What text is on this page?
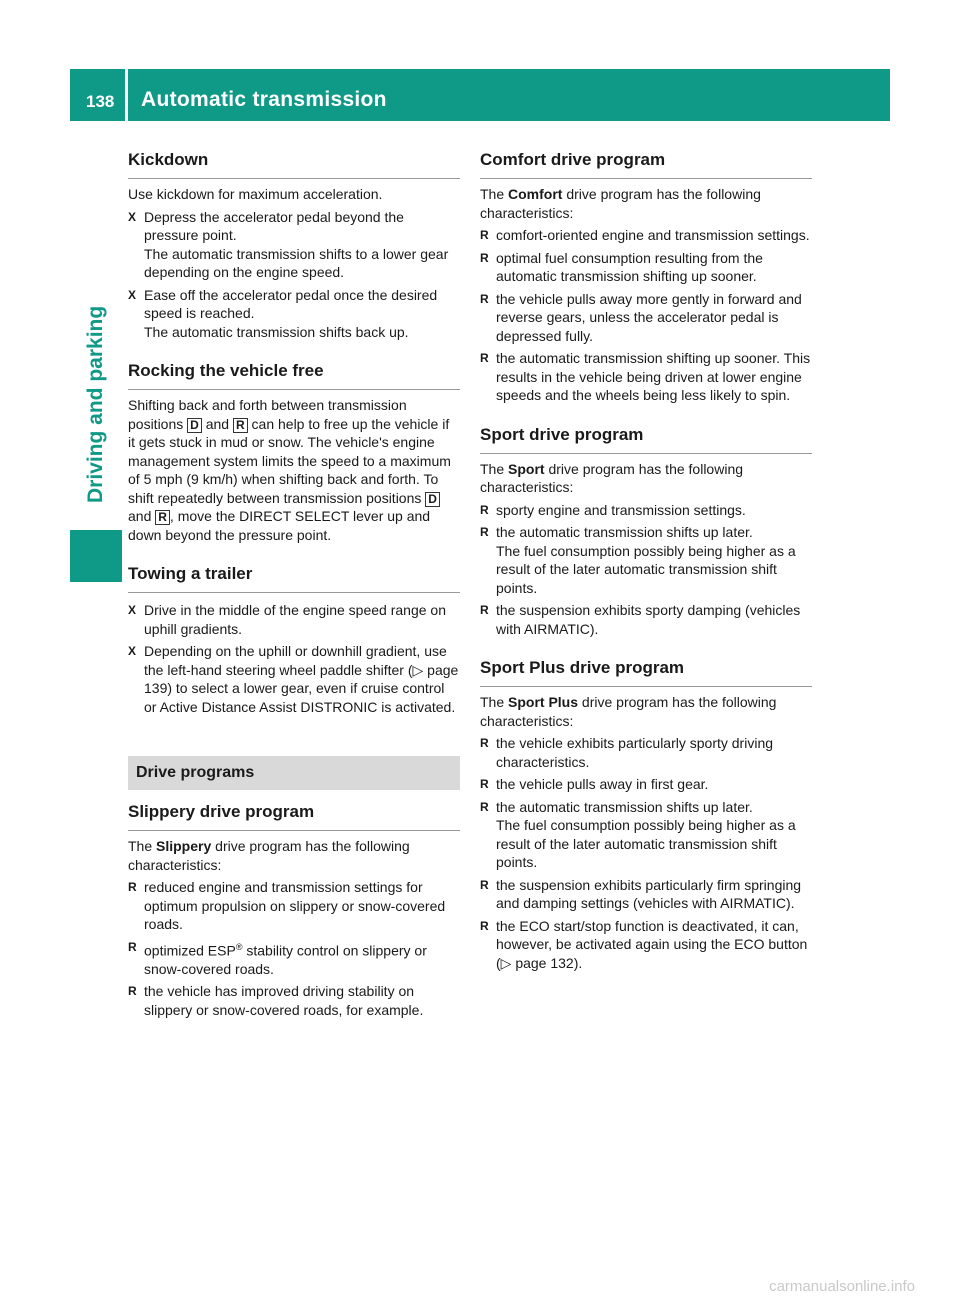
138 Automatic transmission
Driving and parking
Kickdown

Use kickdown for maximum acceleration.

X Depress the accelerator pedal beyond the pressure point.
The automatic transmission shifts to a lower gear depending on the engine speed.
X Ease off the accelerator pedal once the desired speed is reached.
The automatic transmission shifts back up.
Rocking the vehicle free

Shifting back and forth between transmission positions D and R can help to free up the vehicle if it gets stuck in mud or snow. The vehicle's engine management system limits the speed to a maximum of 5 mph (9 km/h) when shifting back and forth. To shift repeatedly between transmission positions D and R , move the DIRECT SELECT lever up and down beyond the pressure point.

Towing a trailer
X Drive in the middle of the engine speed range on uphill gradients.
X Depending on the uphill or downhill gradient, use the left-hand steering wheel paddle shifter (▷ page 139) to select a lower gear, even if cruise control or Active Distance Assist DISTRONIC is activated.
Drive programs
Slippery drive program

The Slippery drive program has the following characteristics:

R reduced engine and transmission settings for optimum propulsion on slippery or snow-covered roads.
R optimized ESP® stability control on slippery or snow-covered roads.
R the vehicle has improved driving stability on slippery or snow-covered roads, for example.
Comfort drive program

The Comfort drive program has the following characteristics:

R comfort-oriented engine and transmission settings.
R optimal fuel consumption resulting from the automatic transmission shifting up sooner.
R the vehicle pulls away more gently in forward and reverse gears, unless the accelerator pedal is depressed fully.
R the automatic transmission shifting up sooner. This results in the vehicle being driven at lower engine speeds and the wheels being less likely to spin.
Sport drive program

The Sport drive program has the following characteristics:

R sporty engine and transmission settings.
R the automatic transmission shifts up later.
The fuel consumption possibly being higher as a result of the later automatic transmission shift points.
R the suspension exhibits sporty damping (vehicles with AIRMATIC).
Sport Plus drive program

The Sport Plus drive program has the following characteristics:

R the vehicle exhibits particularly sporty driving characteristics.
R the vehicle pulls away in first gear.
R the automatic transmission shifts up later.
The fuel consumption possibly being higher as a result of the later automatic transmission shift points.
R the suspension exhibits particularly firm springing and damping settings (vehicles with AIRMATIC).
R the ECO start/stop function is deactivated, it can, however, be activated again using the ECO button (▷ page 132).
carmanualsonline.info
